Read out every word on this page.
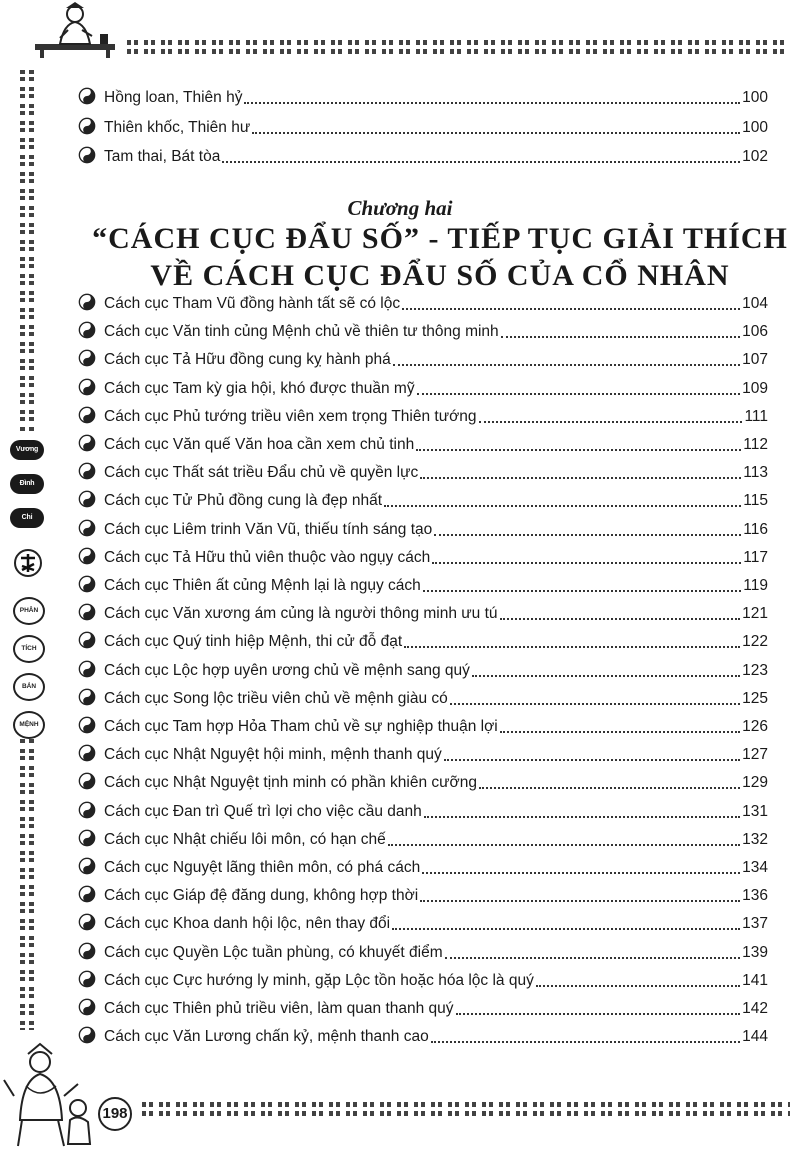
198
Vương
Đình
Chi
PHÂN
TÍCH
BẢN
MỆNH
Hồng loan, Thiên hỷ	100
Thiên khốc, Thiên hư	100
Tam thai, Bát tòa	102
Chương hai
“CÁCH CỤC ĐẨU SỐ” - TIẾP TỤC GIẢI THÍCH
VỀ CÁCH CỤC ĐẨU SỐ CỦA CỔ NHÂN
Cách cục Tham Vũ đồng hành tất sẽ có lộc	104
Cách cục Văn tinh củng Mệnh chủ về thiên tư thông minh	106
Cách cục Tả Hữu đồng cung kỵ hành phá	107
Cách cục Tam kỳ gia hội, khó được thuần mỹ	109
Cách cục Phủ tướng triều viên xem trọng Thiên tướng	111
Cách cục Văn quế Văn hoa cần xem chủ tinh	112
Cách cục Thất sát triều Đẩu chủ về quyền lực	113
Cách cục Tử Phủ đồng cung là đẹp nhất	115
Cách cục Liêm trinh Văn Vũ, thiếu tính sáng tạo	116
Cách cục Tả Hữu thủ viên thuộc vào ngụy cách	117
Cách cục Thiên ất củng Mệnh lại là ngụy cách	119
Cách cục Văn xương ám củng là người thông minh ưu tú	121
Cách cục Quý tinh hiệp Mệnh, thi cử đỗ đạt	122
Cách cục Lộc hợp uyên ương chủ về mệnh sang quý	123
Cách cục Song lộc triều viên chủ về mệnh giàu có	125
Cách cục Tam hợp Hỏa Tham chủ về sự nghiệp thuận lợi	126
Cách cục Nhật Nguyệt hội minh, mệnh thanh quý	127
Cách cục Nhật Nguyệt tịnh minh có phần khiên cưỡng	129
Cách cục Đan trì Quế trì lợi cho việc cầu danh	131
Cách cục Nhật chiếu lôi môn, có hạn chế	132
Cách cục Nguyệt lãng thiên môn, có phá cách	134
Cách cục Giáp đệ đăng dung, không hợp thời	136
Cách cục Khoa danh hội lộc, nên thay đổi	137
Cách cục Quyền Lộc tuần phùng, có khuyết điểm	139
Cách cục Cực hướng ly minh, gặp Lộc tồn hoặc hóa lộc là quý	141
Cách cục Thiên phủ triều viên, làm quan thanh quý	142
Cách cục Văn Lương chấn kỷ, mệnh thanh cao	144
